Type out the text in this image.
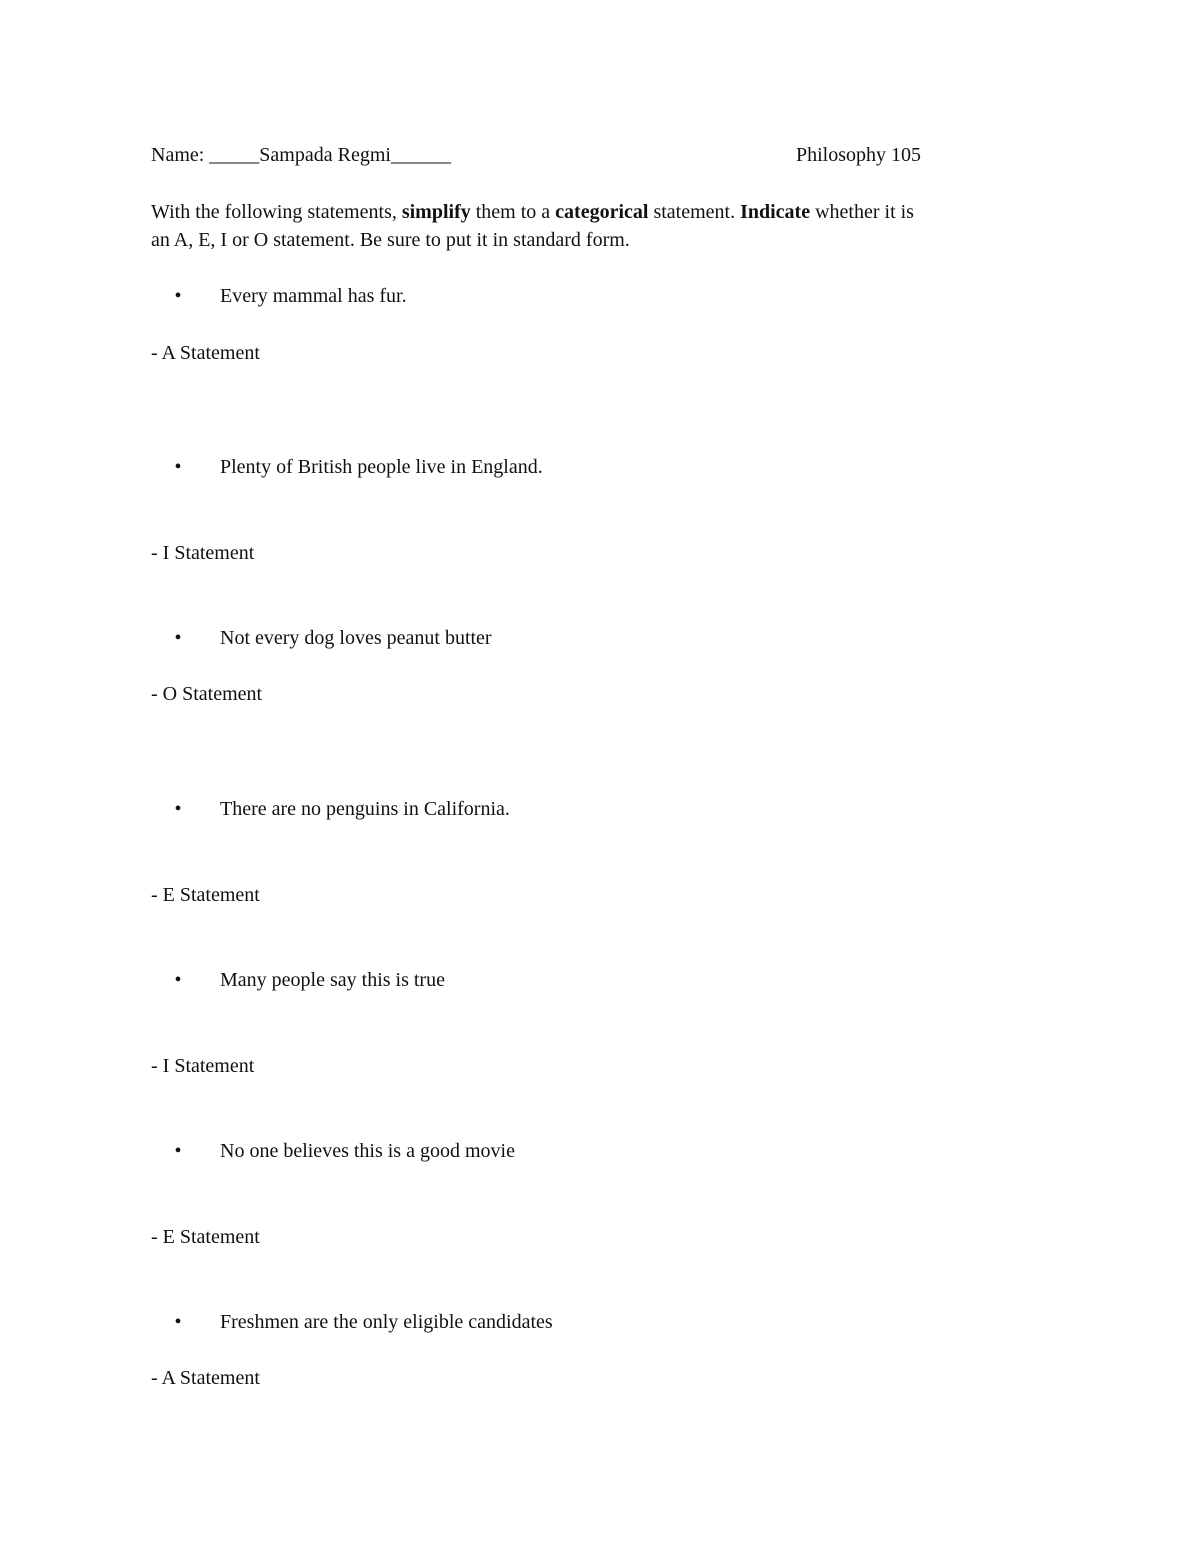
Name: _____Sampada Regmi______	Philosophy 105
With the following statements, simplify them to a categorical statement. Indicate whether it is
an A, E, I or O statement. Be sure to put it in standard form.
• Every mammal has fur.
- A Statement
• Plenty of British people live in England.
- I Statement
• Not every dog loves peanut butter
- O Statement
• There are no penguins in California.
- E Statement
• Many people say this is true
- I Statement
• No one believes this is a good movie
- E Statement
• Freshmen are the only eligible candidates
- A Statement
